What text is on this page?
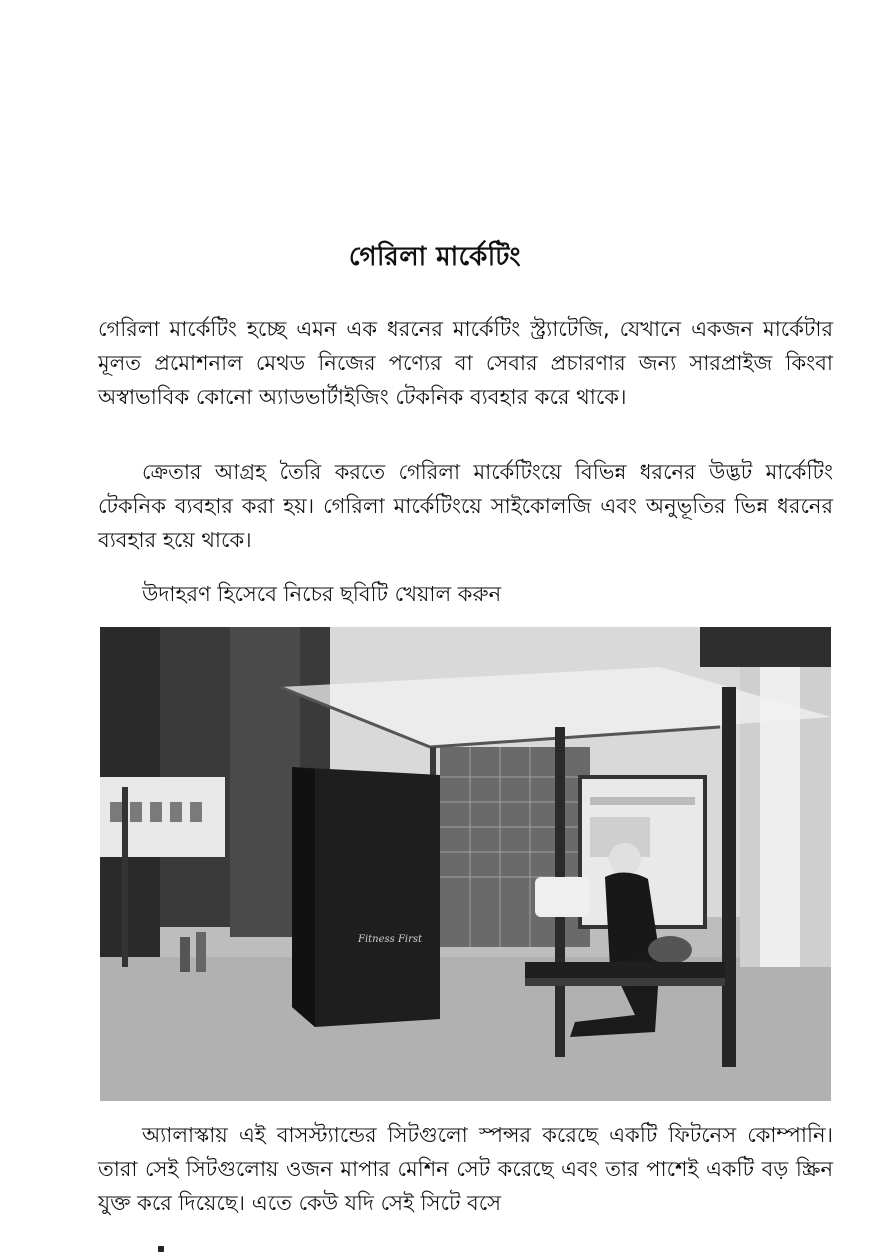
গেরিলা মার্কেটিং

গেরিলা মার্কেটিং হচ্ছে এমন এক ধরনের মার্কেটিং স্ট্র্যাটেজি, যেখানে একজন মার্কেটার মূলত প্রমোশনাল মেথড নিজের পণ্যের বা সেবার প্রচারণার জন্য সারপ্রাইজ কিংবা অস্বাভাবিক কোনো অ্যাডভার্টাইজিং টেকনিক ব্যবহার করে থাকে।

ক্রেতার আগ্রহ তৈরি করতে গেরিলা মার্কেটিংয়ে বিভিন্ন ধরনের উদ্ভট মার্কেটিং টেকনিক ব্যবহার করা হয়। গেরিলা মার্কেটিংয়ে সাইকোলজি এবং অনুভূতির ভিন্ন ধরনের ব্যবহার হয়ে থাকে।

উদাহরণ হিসেবে নিচের ছবিটি খেয়াল করুন

Fitness First

অ্যালাস্কায় এই বাসস্ট্যান্ডের সিটগুলো স্পন্সর করেছে একটি ফিটনেস কোম্পানি। তারা সেই সিটগুলোয় ওজন মাপার মেশিন সেট করেছে এবং তার পাশেই একটি বড় স্ক্রিন যুক্ত করে দিয়েছে। এতে কেউ যদি সেই সিটে বসে
